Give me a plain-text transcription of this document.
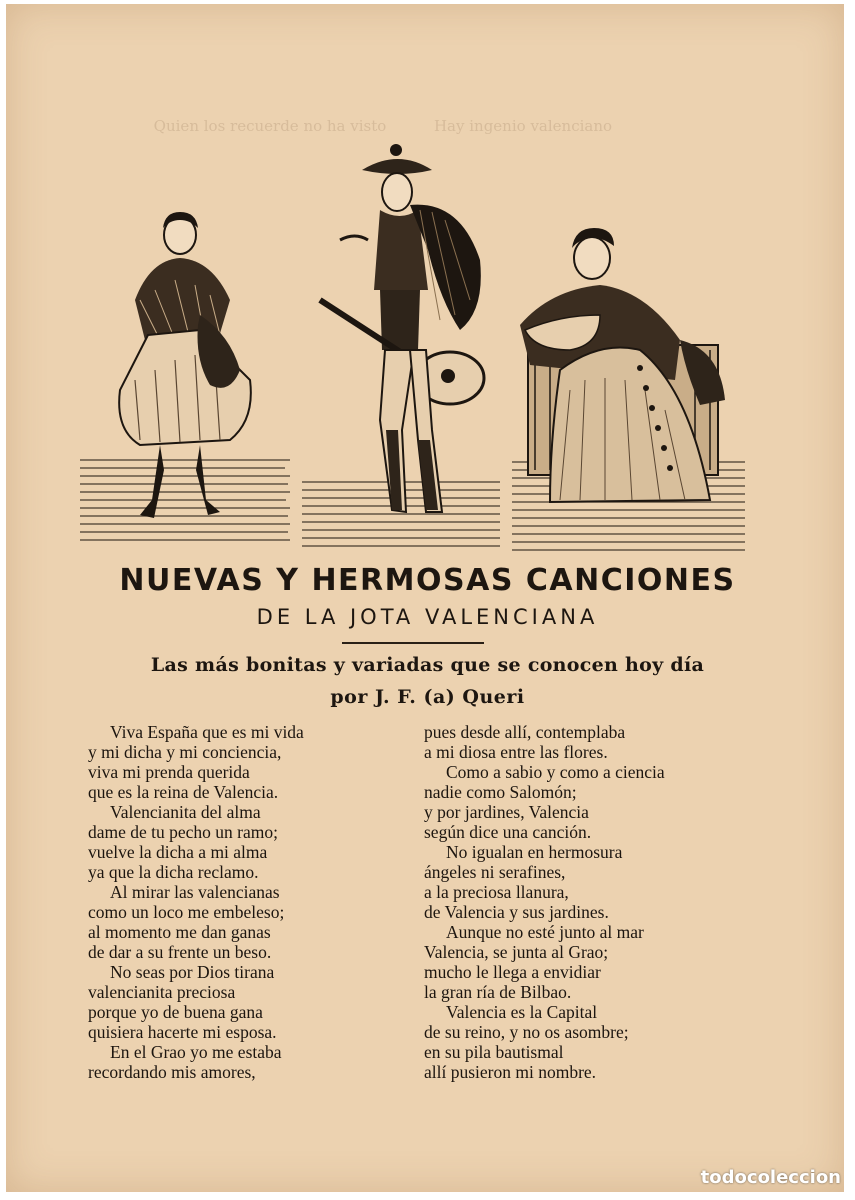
Quien los recuerde no ha visto          Hay ingenio valenciano

NUEVAS Y HERMOSAS CANCIONES
DE LA JOTA VALENCIANA
Las más bonitas y variadas que se conocen hoy día
por J. F. (a) Queri
Viva España que es mi vida
y mi dicha y mi conciencia,
viva mi prenda querida
que es la reina de Valencia.
Valencianita del alma
dame de tu pecho un ramo;
vuelve la dicha a mi alma
ya que la dicha reclamo.
Al mirar las valencianas
como un loco me embeleso;
al momento me dan ganas
de dar a su frente un beso.
No seas por Dios tirana
valencianita preciosa
porque yo de buena gana
quisiera hacerte mi esposa.
En el Grao yo me estaba
recordando mis amores,
pues desde allí, contemplaba
a mi diosa entre las flores.
Como a sabio y como a ciencia
nadie como Salomón;
y por jardines, Valencia
según dice una canción.
No igualan en hermosura
ángeles ni serafines,
a la preciosa llanura,
de Valencia y sus jardines.
Aunque no esté junto al mar
Valencia, se junta al Grao;
mucho le llega a envidiar
la gran ría de Bilbao.
Valencia es la Capital
de su reino, y no os asombre;
en su pila bautismal
allí pusieron mi nombre.
todocoleccion
